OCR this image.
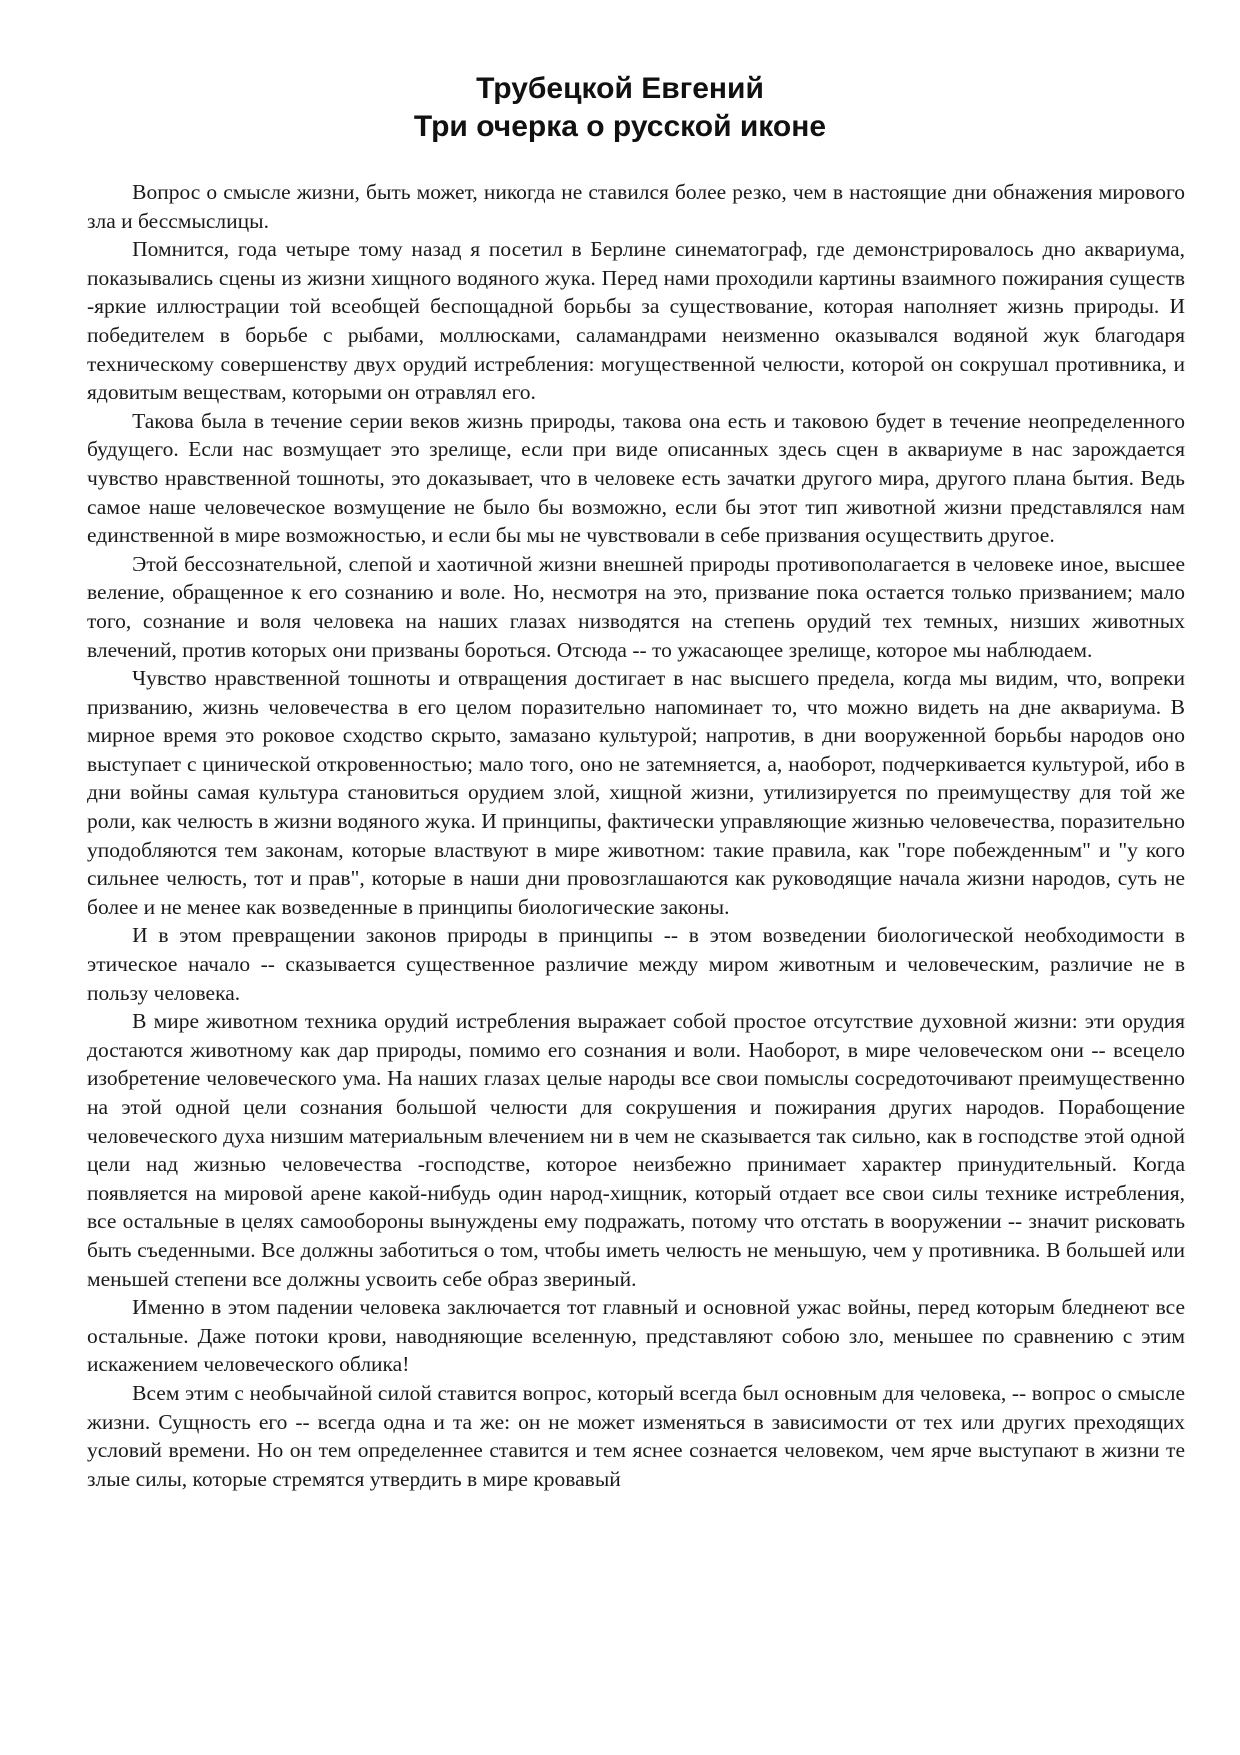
Трубецкой Евгений
Три очерка о русской иконе

Вопрос о смысле жизни, быть может, никогда не ставился более резко, чем в настоящие дни обнажения мирового зла и бессмыслицы.

Помнится, года четыре тому назад я посетил в Берлине синематограф, где демонстрировалось дно аквариума, показывались сцены из жизни хищного водяного жука. Перед нами проходили картины взаимного пожирания существ -яркие иллюстрации той всеобщей беспощадной борьбы за существование, которая наполняет жизнь природы. И победителем в борьбе с рыбами, моллюсками, саламандрами неизменно оказывался водяной жук благодаря техническому совершенству двух орудий истребления: могущественной челюсти, которой он сокрушал противника, и ядовитым веществам, которыми он отравлял его.

Такова была в течение серии веков жизнь природы, такова она есть и таковою будет в течение неопределенного будущего. Если нас возмущает это зрелище, если при виде описанных здесь сцен в аквариуме в нас зарождается чувство нравственной тошноты, это доказывает, что в человеке есть зачатки другого мира, другого плана бытия. Ведь самое наше человеческое возмущение не было бы возможно, если бы этот тип животной жизни представлялся нам единственной в мире возможностью, и если бы мы не чувствовали в себе призвания осуществить другое.

Этой бессознательной, слепой и хаотичной жизни внешней природы противополагается в человеке иное, высшее веление, обращенное к его сознанию и воле. Но, несмотря на это, призвание пока остается только призванием; мало того, сознание и воля человека на наших глазах низводятся на степень орудий тех темных, низших животных влечений, против которых они призваны бороться. Отсюда -- то ужасающее зрелище, которое мы наблюдаем.

Чувство нравственной тошноты и отвращения достигает в нас высшего предела, когда мы видим, что, вопреки призванию, жизнь человечества в его целом поразительно напоминает то, что можно видеть на дне аквариума. В мирное время это роковое сходство скрыто, замазано культурой; напротив, в дни вооруженной борьбы народов оно выступает с цинической откровенностью; мало того, оно не затемняется, а, наоборот, подчеркивается культурой, ибо в дни войны самая культура становиться орудием злой, хищной жизни, утилизируется по преимуществу для той же роли, как челюсть в жизни водяного жука. И принципы, фактически управляющие жизнью человечества, поразительно уподобляются тем законам, которые властвуют в мире животном: такие правила, как "горе побежденным" и "у кого сильнее челюсть, тот и прав", которые в наши дни провозглашаются как руководящие начала жизни народов, суть не более и не менее как возведенные в принципы биологические законы.

И в этом превращении законов природы в принципы -- в этом возведении биологической необходимости в этическое начало -- сказывается существенное различие между миром животным и человеческим, различие не в пользу человека.

В мире животном техника орудий истребления выражает собой простое отсутствие духовной жизни: эти орудия достаются животному как дар природы, помимо его сознания и воли. Наоборот, в мире человеческом они -- всецело изобретение человеческого ума. На наших глазах целые народы все свои помыслы сосредоточивают преимущественно на этой одной цели сознания большой челюсти для сокрушения и пожирания других народов. Порабощение человеческого духа низшим материальным влечением ни в чем не сказывается так сильно, как в господстве этой одной цели над жизнью человечества -господстве, которое неизбежно принимает характер принудительный. Когда появляется на мировой арене какой-нибудь один народ-хищник, который отдает все свои силы технике истребления, все остальные в целях самообороны вынуждены ему подражать, потому что отстать в вооружении -- значит рисковать быть съеденными. Все должны заботиться о том, чтобы иметь челюсть не меньшую, чем у противника. В большей или меньшей степени все должны усвоить себе образ звериный.

Именно в этом падении человека заключается тот главный и основной ужас войны, перед которым бледнеют все остальные. Даже потоки крови, наводняющие вселенную, представляют собою зло, меньшее по сравнению с этим искажением человеческого облика!

Всем этим с необычайной силой ставится вопрос, который всегда был основным для человека, -- вопрос о смысле жизни. Сущность его -- всегда одна и та же: он не может изменяться в зависимости от тех или других преходящих условий времени. Но он тем определеннее ставится и тем яснее сознается человеком, чем ярче выступают в жизни те злые силы, которые стремятся утвердить в мире кровавый
